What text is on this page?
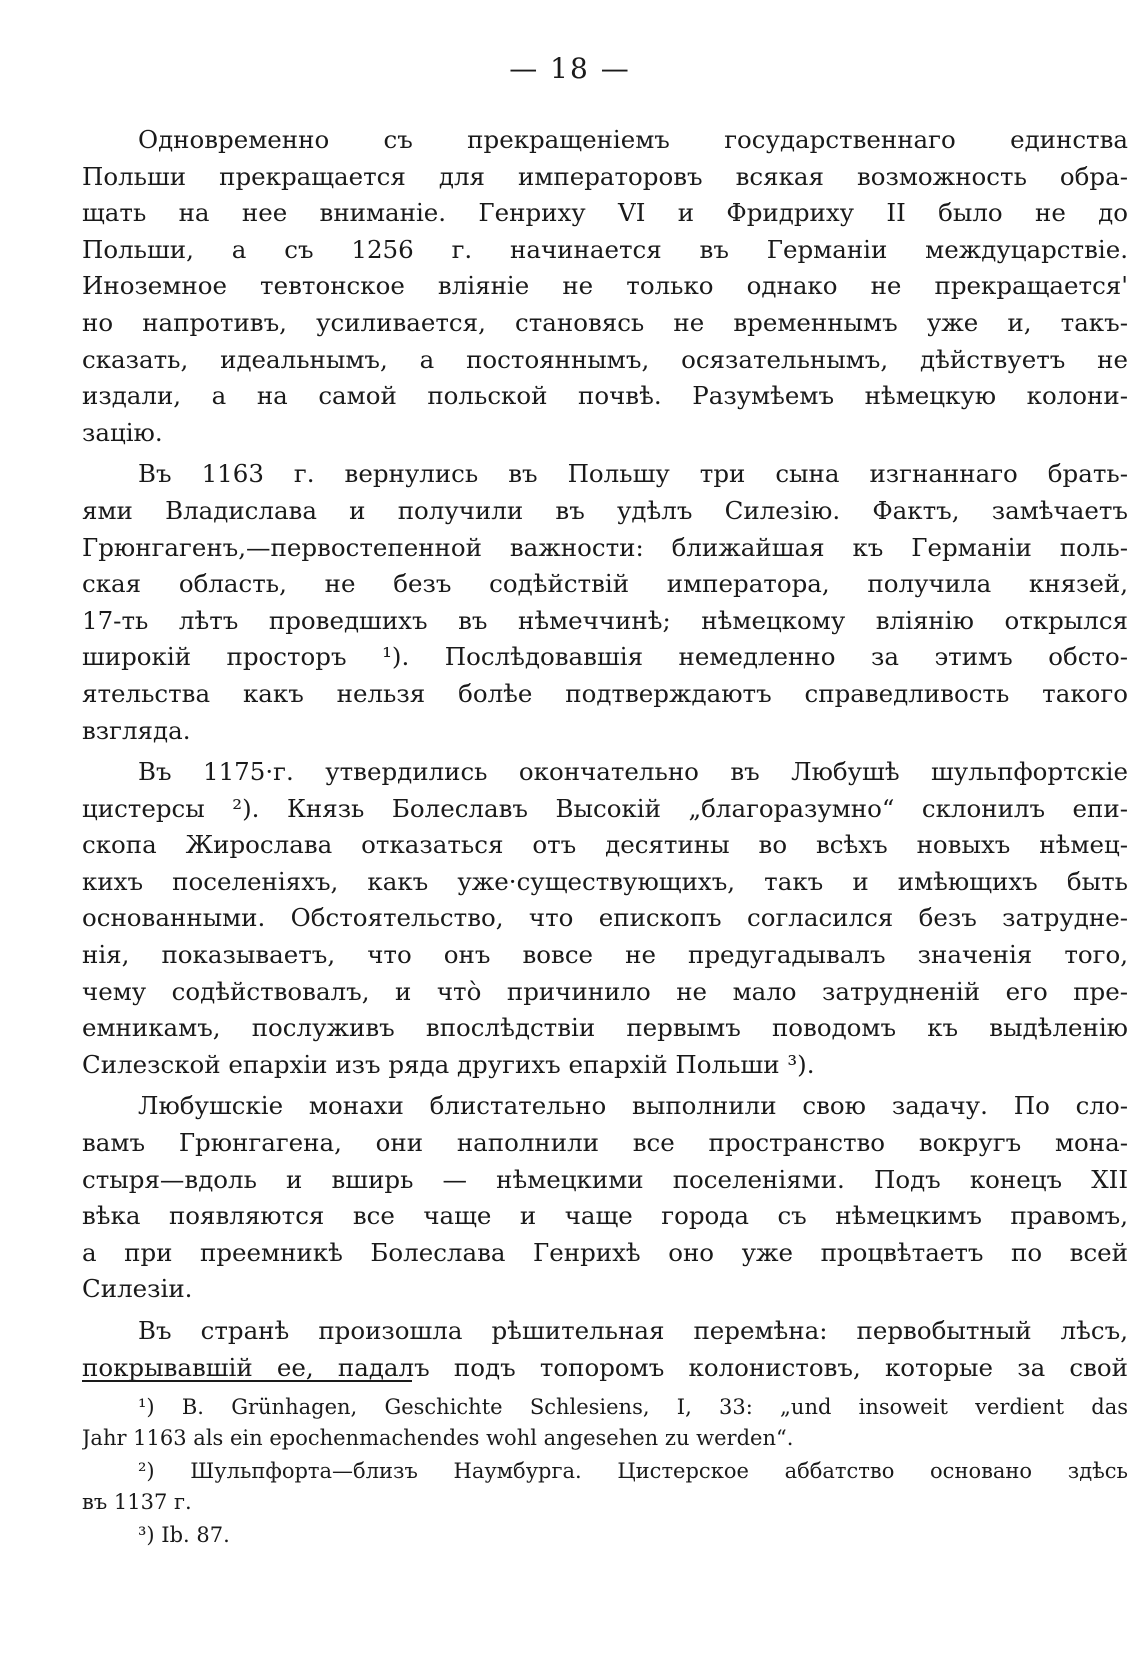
— 18 —
Одновременно съ прекращеніемъ государственнаго единства
Польши прекращается для императоровъ всякая возможность обра-
щать на нее вниманіе. Генриху VI и Фридриху II было не до
Польши, а съ 1256 г. начинается въ Германіи междуцарствіе.
Иноземное тевтонское вліяніе не только однако не прекращается'
но напротивъ, усиливается, становясь не временнымъ уже и, такъ-
сказать, идеальнымъ, а постояннымъ, осязательнымъ, дѣйствуетъ не
издали, а на самой польской почвѣ. Разумѣемъ нѣмецкую колони-
зацію.
Въ 1163 г. вернулись въ Польшу три сына изгнаннаго брать-
ями Владислава и получили въ удѣлъ Силезію. Фактъ, замѣчаетъ
Грюнгагенъ,—первостепенной важности: ближайшая къ Германіи поль-
ская область, не безъ содѣйствій императора, получила князей,
17-ть лѣтъ проведшихъ въ нѣмеччинѣ; нѣмецкому вліянію открылся
широкій просторъ ¹). Послѣдовавшія немедленно за этимъ обсто-
ятельства какъ нельзя болѣе подтверждаютъ справедливость такого
взгляда.
Въ 1175·г. утвердились окончательно въ Любушѣ шульпфортскіе
цистерсы ²). Князь Болеславъ Высокій „благоразумно“ склонилъ епи-
скопа Жирослава отказаться отъ десятины во всѣхъ новыхъ нѣмец-
кихъ поселеніяхъ, какъ уже·существующихъ, такъ и имѣющихъ быть
основанными. Обстоятельство, что епископъ согласился безъ затрудне-
нія, показываетъ, что онъ вовсе не предугадывалъ значенія того,
чему содѣйствовалъ, и что̀ причинило не мало затрудненій его пре-
емникамъ, послуживъ впослѣдствіи первымъ поводомъ къ выдѣленію
Силезской епархіи изъ ряда другихъ епархій Польши ³).
Любушскіе монахи блистательно выполнили свою задачу. По сло-
вамъ Грюнгагена, они наполнили все пространство вокругъ мона-
стыря—вдоль и вширь — нѣмецкими поселеніями. Подъ конецъ XII
вѣка появляются все чаще и чаще города съ нѣмецкимъ правомъ,
а при преемникѣ Болеслава Генрихѣ оно уже процвѣтаетъ по всей
Силезіи.
Въ странѣ произошла рѣшительная перемѣна: первобытный лѣсъ,
покрывавшій ее, падалъ подъ топоромъ колонистовъ, которые за свой
¹) B. Grünhagen, Geschichte Schlesiens, I, 33: „und insoweit verdient das
Jahr 1163 als ein epochenmachendes wohl angesehen zu werden“.
²) Шульпфорта—близъ Наумбурга. Цистерское аббатство основано здѣсь
въ 1137 г.
³) Ib. 87.
